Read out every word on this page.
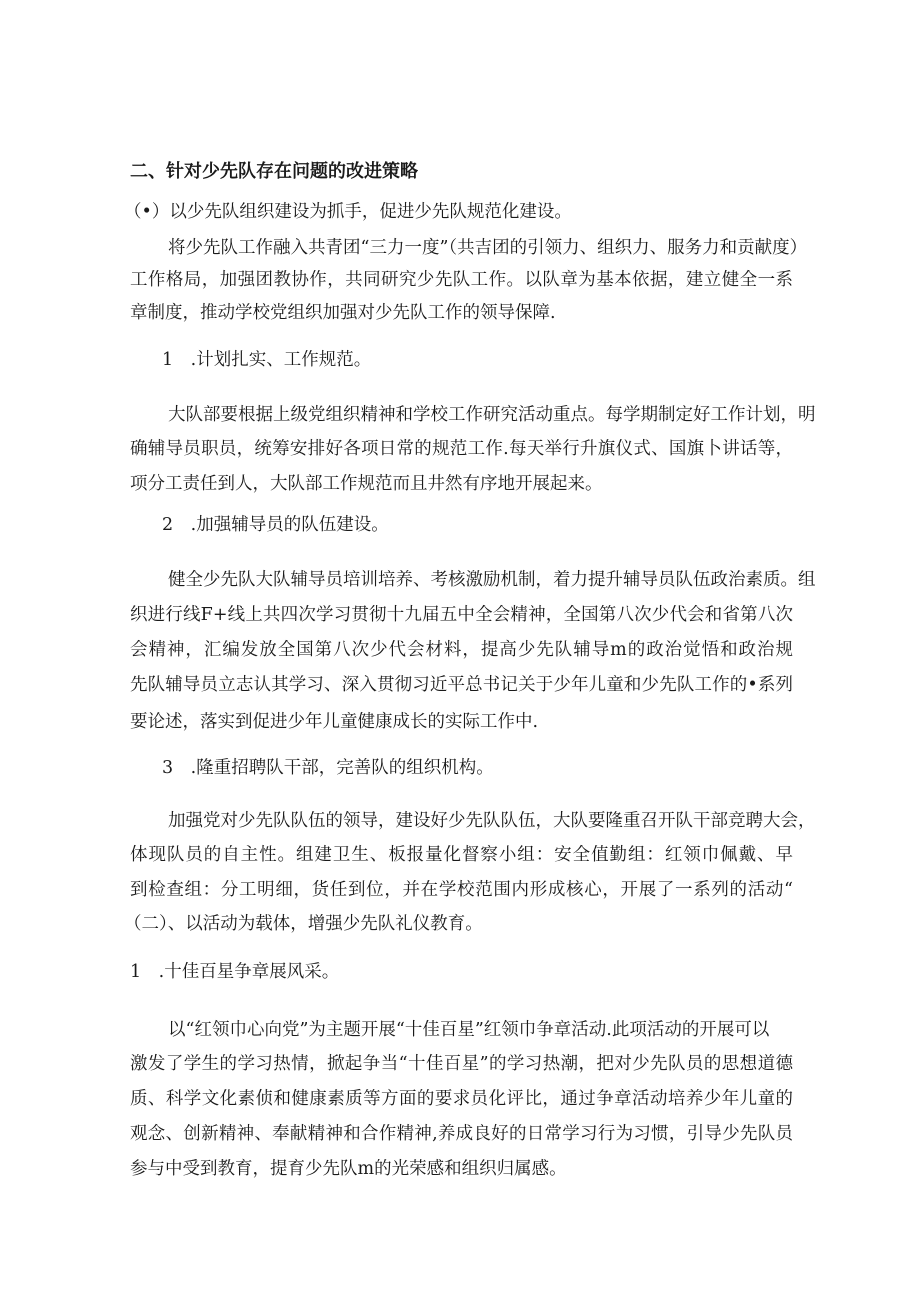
二、针对少先队存在问题的改进策略
（•）以少先队组织建设为抓手，促进少先队规范化建设。
将少先队工作融入共青团“三力一度”（共吉团的引领力、组织力、服务力和贡献度）
工作格局，加强团教协作，共同研究少先队工作。以队章为基本依据，建立健全一系
章制度，推动学校党组织加强对少先队工作的领导保障.
1　.计划扎实、工作规范。
大队部要根据上级党组织精神和学校工作研究活动重点。每学期制定好工作计划，明
确辅导员职员，统筹安排好各项日常的规范工作.每天举行升旗仪式、国旗卜讲话等，
项分工责任到人，大队部工作规范而且井然有序地开展起来。
2　.加强辅导员的队伍建设。
健全少先队大队辅导员培训培养、考核激励机制，着力提升辅导员队伍政治素质。组
织进行线F+线上共四次学习贯彻十九届五中全会精神，全国第八次少代会和省第八次
会精神，汇编发放全国第八次少代会材料，提高少先队辅导m的政治觉悟和政治规
先队辅导员立志认其学习、深入贯彻习近平总书记关于少年儿童和少先队工作的•系列
要论述，落实到促进少年儿童健康成长的实际工作中.
3　.隆重招聘队干部，完善队的组织机构。
加强党对少先队队伍的领导，建设好少先队队伍，大队要隆重召开队干部竞聘大会，
体现队员的自主性。组建卫生、板报量化督察小组：安全值勤组：红领巾佩戴、早
到检查组：分工明细，货任到位，并在学校范围内形成核心，开展了一系列的活动“
（二）、以活动为载体，增强少先队礼仪教育。
1　.十佳百星争章展风采。
以“红领巾心向党”为主题开展“十佳百星”红领巾争章活动.此项活动的开展可以
激发了学生的学习热情，掀起争当“十佳百星”的学习热潮，把对少先队员的思想道德
质、科学文化素侦和健康素质等方面的要求员化评比，通过争章活动培养少年儿童的
观念、创新精神、奉献精神和合作精神,养成良好的日常学习行为习惯，引导少先队员
参与中受到教育，提育少先队m的光荣感和组织归属感。
